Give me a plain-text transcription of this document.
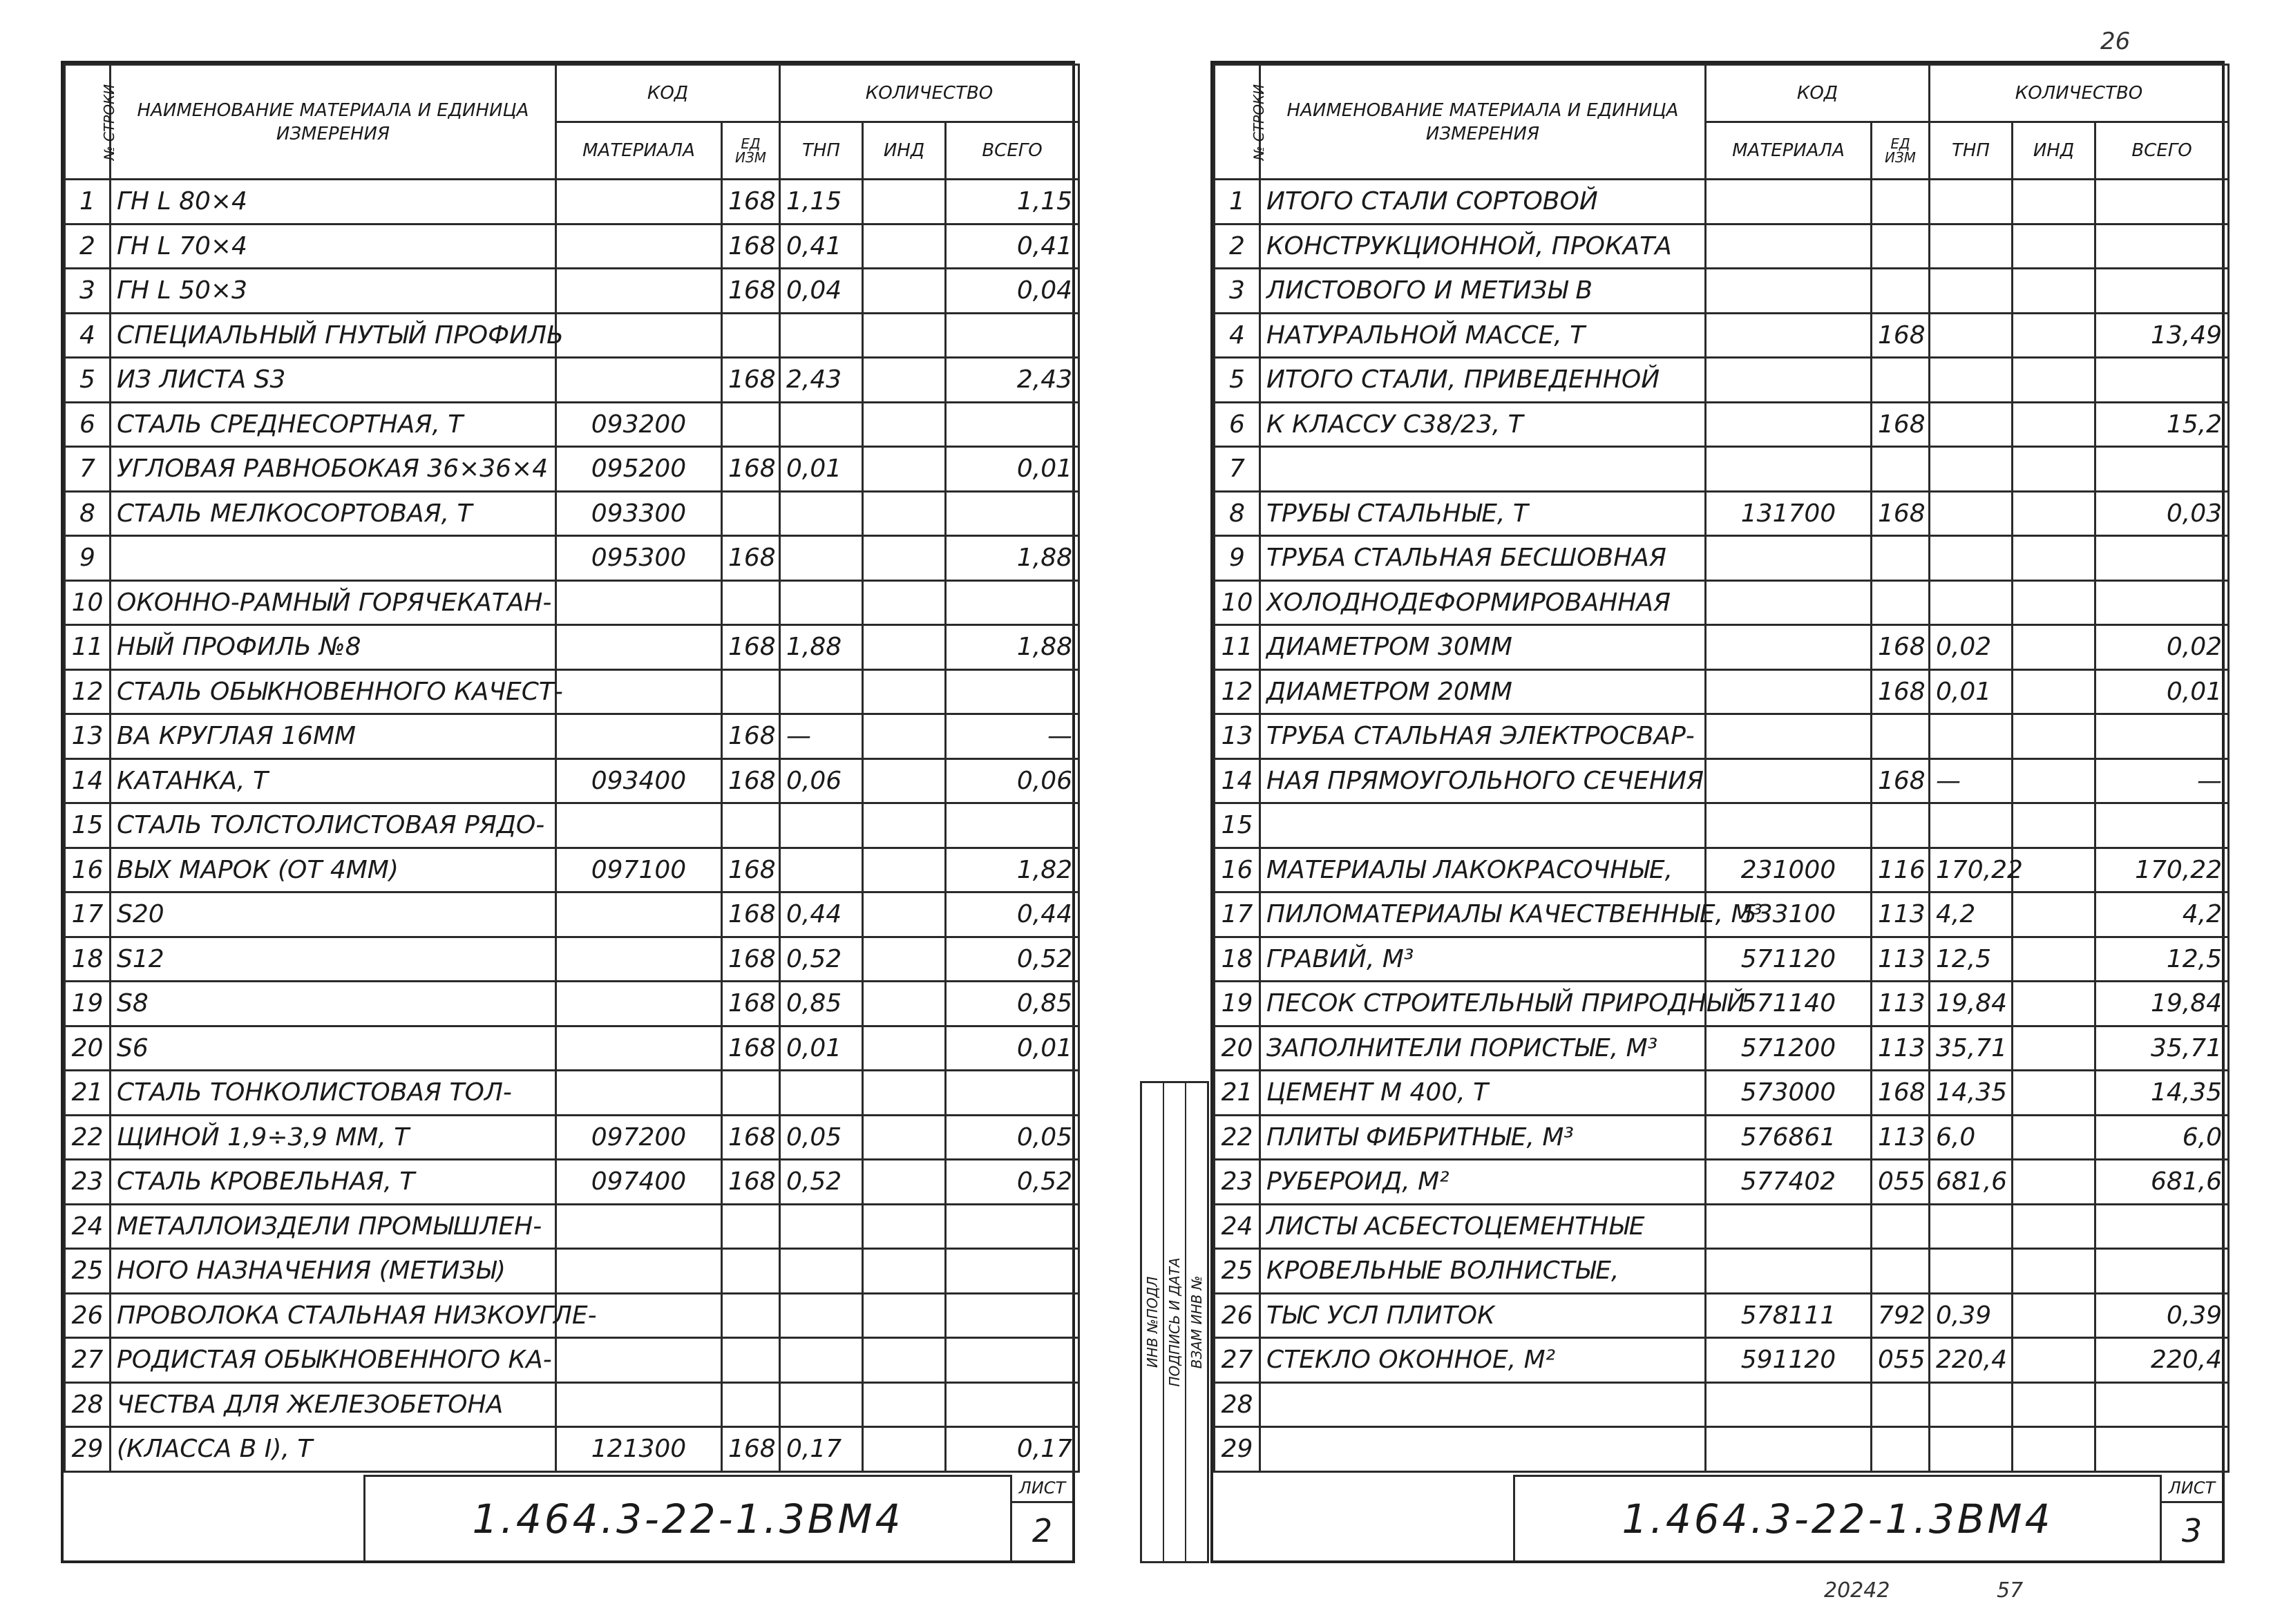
№ СТРОКИ	НАИМЕНОВАНИЕ МАТЕРИАЛА И ЕДИНИЦА ИЗМЕРЕНИЯ	КОД		КОЛИЧЕСТВО		
		МАТЕРИАЛА	ЕД ИЗМ	ТНП	ИНД	ВСЕГО
1	ГН L 80×4		168	1,15		1,15
2	ГН L 70×4		168	0,41		0,41
3	ГН L 50×3		168	0,04		0,04
4	СПЕЦИАЛЬНЫЙ ГНУТЫЙ ПРОФИЛЬ					
5	ИЗ ЛИСТА S3		168	2,43		2,43
6	СТАЛЬ СРЕДНЕСОРТНАЯ, Т	093200				
7	УГЛОВАЯ РАВНОБОКАЯ 36×36×4	095200	168	0,01		0,01
8	СТАЛЬ МЕЛКОСОРТОВАЯ, Т	093300				
9		095300	168			1,88
10	ОКОННО-РАМНЫЙ ГОРЯЧЕКАТАН-					
11	НЫЙ ПРОФИЛЬ №8		168	1,88		1,88
12	СТАЛЬ ОБЫКНОВЕННОГО КАЧЕСТ-					
13	ВА КРУГЛАЯ 16ММ		168	—		—
14	КАТАНКА, Т	093400	168	0,06		0,06
15	СТАЛЬ ТОЛСТОЛИСТОВАЯ РЯДО-					
16	ВЫХ МАРОК (ОТ 4ММ)	097100	168			1,82
17	S20		168	0,44		0,44
18	S12		168	0,52		0,52
19	S8		168	0,85		0,85
20	S6		168	0,01		0,01
21	СТАЛЬ ТОНКОЛИСТОВАЯ ТОЛ-					
22	ЩИНОЙ 1,9÷3,9 ММ, Т	097200	168	0,05		0,05
23	СТАЛЬ КРОВЕЛЬНАЯ, Т	097400	168	0,52		0,52
24	МЕТАЛЛОИЗДЕЛИ ПРОМЫШЛЕН-					
25	НОГО НАЗНАЧЕНИЯ (МЕТИЗЫ)					
26	ПРОВОЛОКА СТАЛЬНАЯ НИЗКОУГЛЕ-					
27	РОДИСТАЯ ОБЫКНОВЕННОГО КА-					
28	ЧЕСТВА ДЛЯ ЖЕЛЕЗОБЕТОНА					
29	(КЛАССА В I), Т	121300	168	0,17		0,17
1.464.3-22-1.3ВМ4
ЛИСТ
2
№ СТРОКИ	НАИМЕНОВАНИЕ МАТЕРИАЛА И ЕДИНИЦА ИЗМЕРЕНИЯ	КОД		КОЛИЧЕСТВО		
		МАТЕРИАЛА	ЕД ИЗМ	ТНП	ИНД	ВСЕГО
1	ИТОГО СТАЛИ СОРТОВОЙ					
2	КОНСТРУКЦИОННОЙ, ПРОКАТА					
3	ЛИСТОВОГО И МЕТИЗЫ В					
4	НАТУРАЛЬНОЙ МАССЕ, Т		168			13,49
5	ИТОГО СТАЛИ, ПРИВЕДЕННОЙ					
6	К КЛАССУ С38/23, Т		168			15,2
7						
8	ТРУБЫ СТАЛЬНЫЕ, Т	131700	168			0,03
9	ТРУБА СТАЛЬНАЯ БЕСШОВНАЯ					
10	ХОЛОДНОДЕФОРМИРОВАННАЯ					
11	ДИАМЕТРОМ 30ММ		168	0,02		0,02
12	ДИАМЕТРОМ 20ММ		168	0,01		0,01
13	ТРУБА СТАЛЬНАЯ ЭЛЕКТРОСВАР-					
14	НАЯ ПРЯМОУГОЛЬНОГО СЕЧЕНИЯ		168	—		—
15						
16	МАТЕРИАЛЫ ЛАКОКРАСОЧНЫЕ,	231000	116	170,22		170,22
17	ПИЛОМАТЕРИАЛЫ КАЧЕСТВЕННЫЕ, М³	533100	113	4,2		4,2
18	ГРАВИЙ, М³	571120	113	12,5		12,5
19	ПЕСОК СТРОИТЕЛЬНЫЙ ПРИРОДНЫЙ	571140	113	19,84		19,84
20	ЗАПОЛНИТЕЛИ ПОРИСТЫЕ, М³	571200	113	35,71		35,71
21	ЦЕМЕНТ М 400, Т	573000	168	14,35		14,35
22	ПЛИТЫ ФИБРИТНЫЕ, М³	576861	113	6,0		6,0
23	РУБЕРОИД, М²	577402	055	681,6		681,6
24	ЛИСТЫ АСБЕСТОЦЕМЕНТНЫЕ					
25	КРОВЕЛЬНЫЕ ВОЛНИСТЫЕ,					
26	ТЫС УСЛ ПЛИТОК	578111	792	0,39		0,39
27	СТЕКЛО ОКОННОЕ, М²	591120	055	220,4		220,4
28						
29						
1.464.3-22-1.3ВМ4
ЛИСТ
3
ИНВ №ПОДЛ ПОДПИСЬ И ДАТА ВЗАМ ИНВ №
26
20242	57
